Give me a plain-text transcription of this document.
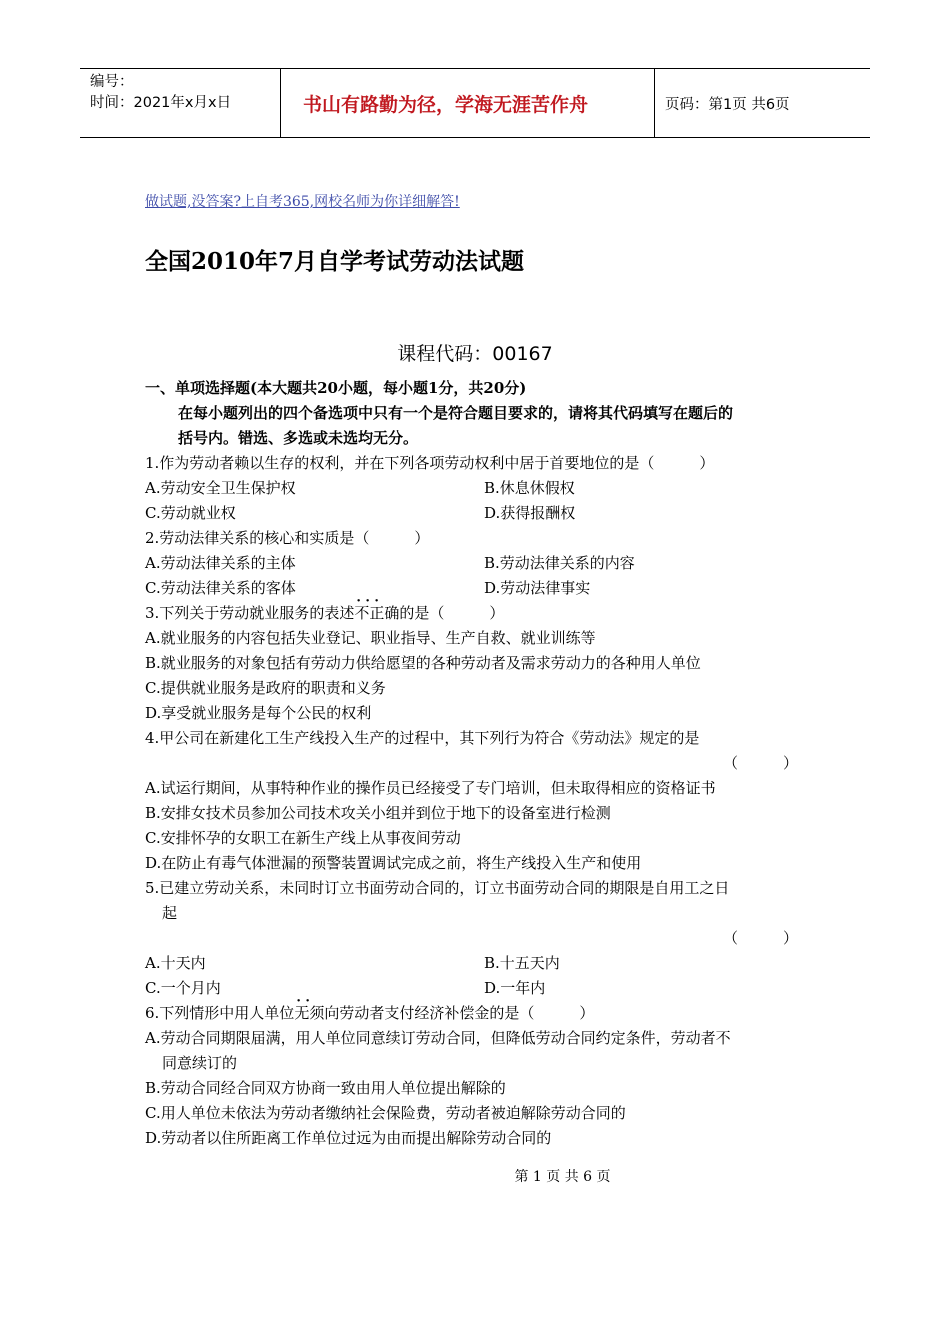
编号：
时间：2021年x月x日	书山有路勤为径，学海无涯苦作舟	页码：第1页 共6页
做试题,没答案?上自考365,网校名师为你详细解答!
全国2010年7月自学考试劳动法试题
课程代码：00167
一、单项选择题(本大题共20小题，每小题1分，共20分)
在每小题列出的四个备选项中只有一个是符合题目要求的，请将其代码填写在题后的
括号内。错选、多选或未选均无分。
1.作为劳动者赖以生存的权利，并在下列各项劳动权利中居于首要地位的是（　　　）
A.劳动安全卫生保护权	B.休息休假权
C.劳动就业权	D.获得报酬权
2.劳动法律关系的核心和实质是（　　　）
A.劳动法律关系的主体	B.劳动法律关系的内容
C.劳动法律关系的客体	D.劳动法律事实
3.下列关于劳动就业服务的表述· · 不正确的是（　　　）
A.就业服务的内容包括失业登记、职业指导、生产自救、就业训练等
B.就业服务的对象包括有劳动力供给愿望的各种劳动者及需求劳动力的各种用人单位
C.提供就业服务是政府的职责和义务
D.享受就业服务是每个公民的权利
4.甲公司在新建化工生产线投入生产的过程中，其下列行为符合《劳动法》规定的是
（　　　）
A.试运行期间，从事特种作业的操作员已经接受了专门培训，但未取得相应的资格证书
B.安排女技术员参加公司技术攻关小组并到位于地下的设备室进行检测
C.安排怀孕的女职工在新生产线上从事夜间劳动
D.在防止有毒气体泄漏的预警装置调试完成之前，将生产线投入生产和使用
5.已建立劳动关系，未同时订立书面劳动合同的，订立书面劳动合同的期限是自用工之日
起
（　　　）
A.十天内	B.十五天内
C.一个月内	D.一年内
6.下列情形中用人单位· · 无须向劳动者支付经济补偿金的是（　　　）
A.劳动合同期限届满，用人单位同意续订劳动合同，但降低劳动合同约定条件，劳动者不
同意续订的
B.劳动合同经合同双方协商一致由用人单位提出解除的
C.用人单位未依法为劳动者缴纳社会保险费，劳动者被迫解除劳动合同的
D.劳动者以住所距离工作单位过远为由而提出解除劳动合同的
第 1 页 共 6 页
